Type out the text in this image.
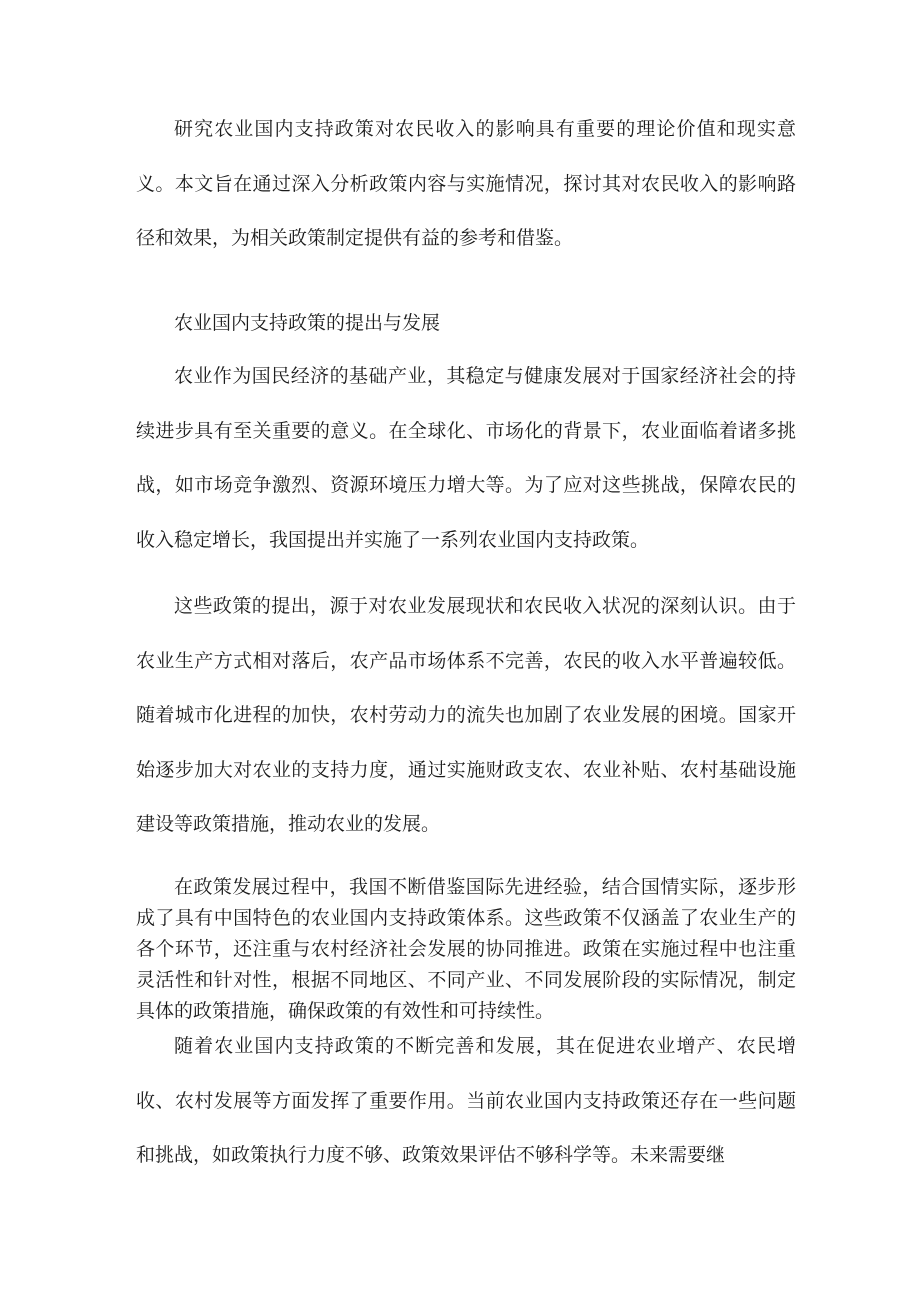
研究农业国内支持政策对农民收入的影响具有重要的理论价值和现实意义。本文旨在通过深入分析政策内容与实施情况，探讨其对农民收入的影响路径和效果，为相关政策制定提供有益的参考和借鉴。

农业国内支持政策的提出与发展

农业作为国民经济的基础产业，其稳定与健康发展对于国家经济社会的持续进步具有至关重要的意义。在全球化、市场化的背景下，农业面临着诸多挑战，如市场竞争激烈、资源环境压力增大等。为了应对这些挑战，保障农民的收入稳定增长，我国提出并实施了一系列农业国内支持政策。

这些政策的提出，源于对农业发展现状和农民收入状况的深刻认识。由于农业生产方式相对落后，农产品市场体系不完善，农民的收入水平普遍较低。随着城市化进程的加快，农村劳动力的流失也加剧了农业发展的困境。国家开始逐步加大对农业的支持力度，通过实施财政支农、农业补贴、农村基础设施建设等政策措施，推动农业的发展。

在政策发展过程中，我国不断借鉴国际先进经验，结合国情实际，逐步形成了具有中国特色的农业国内支持政策体系。这些政策不仅涵盖了农业生产的各个环节，还注重与农村经济社会发展的协同推进。政策在实施过程中也注重灵活性和针对性，根据不同地区、不同产业、不同发展阶段的实际情况，制定具体的政策措施，确保政策的有效性和可持续性。

随着农业国内支持政策的不断完善和发展，其在促进农业增产、农民增收、农村发展等方面发挥了重要作用。当前农业国内支持政策还存在一些问题和挑战，如政策执行力度不够、政策效果评估不够科学等。未来需要继
